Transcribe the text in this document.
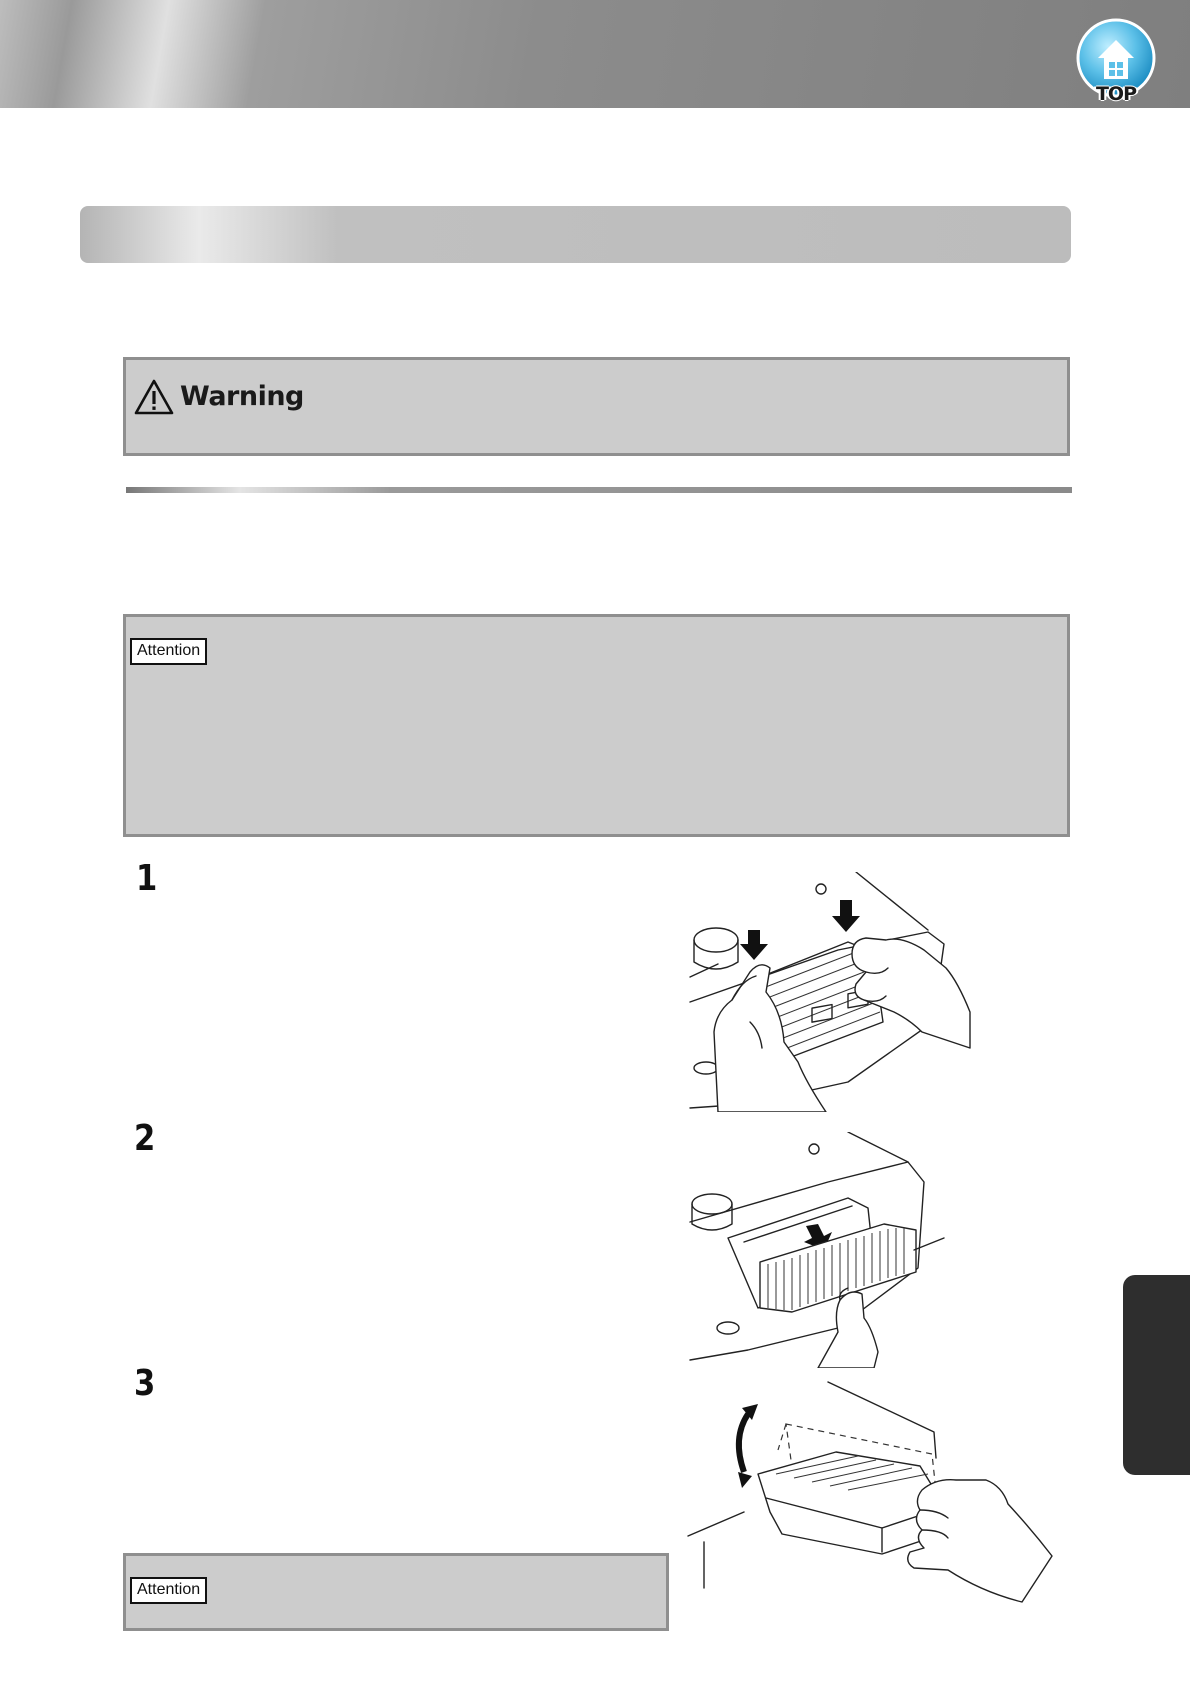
TOP
Warning
Attention
1
2
3
Attention
